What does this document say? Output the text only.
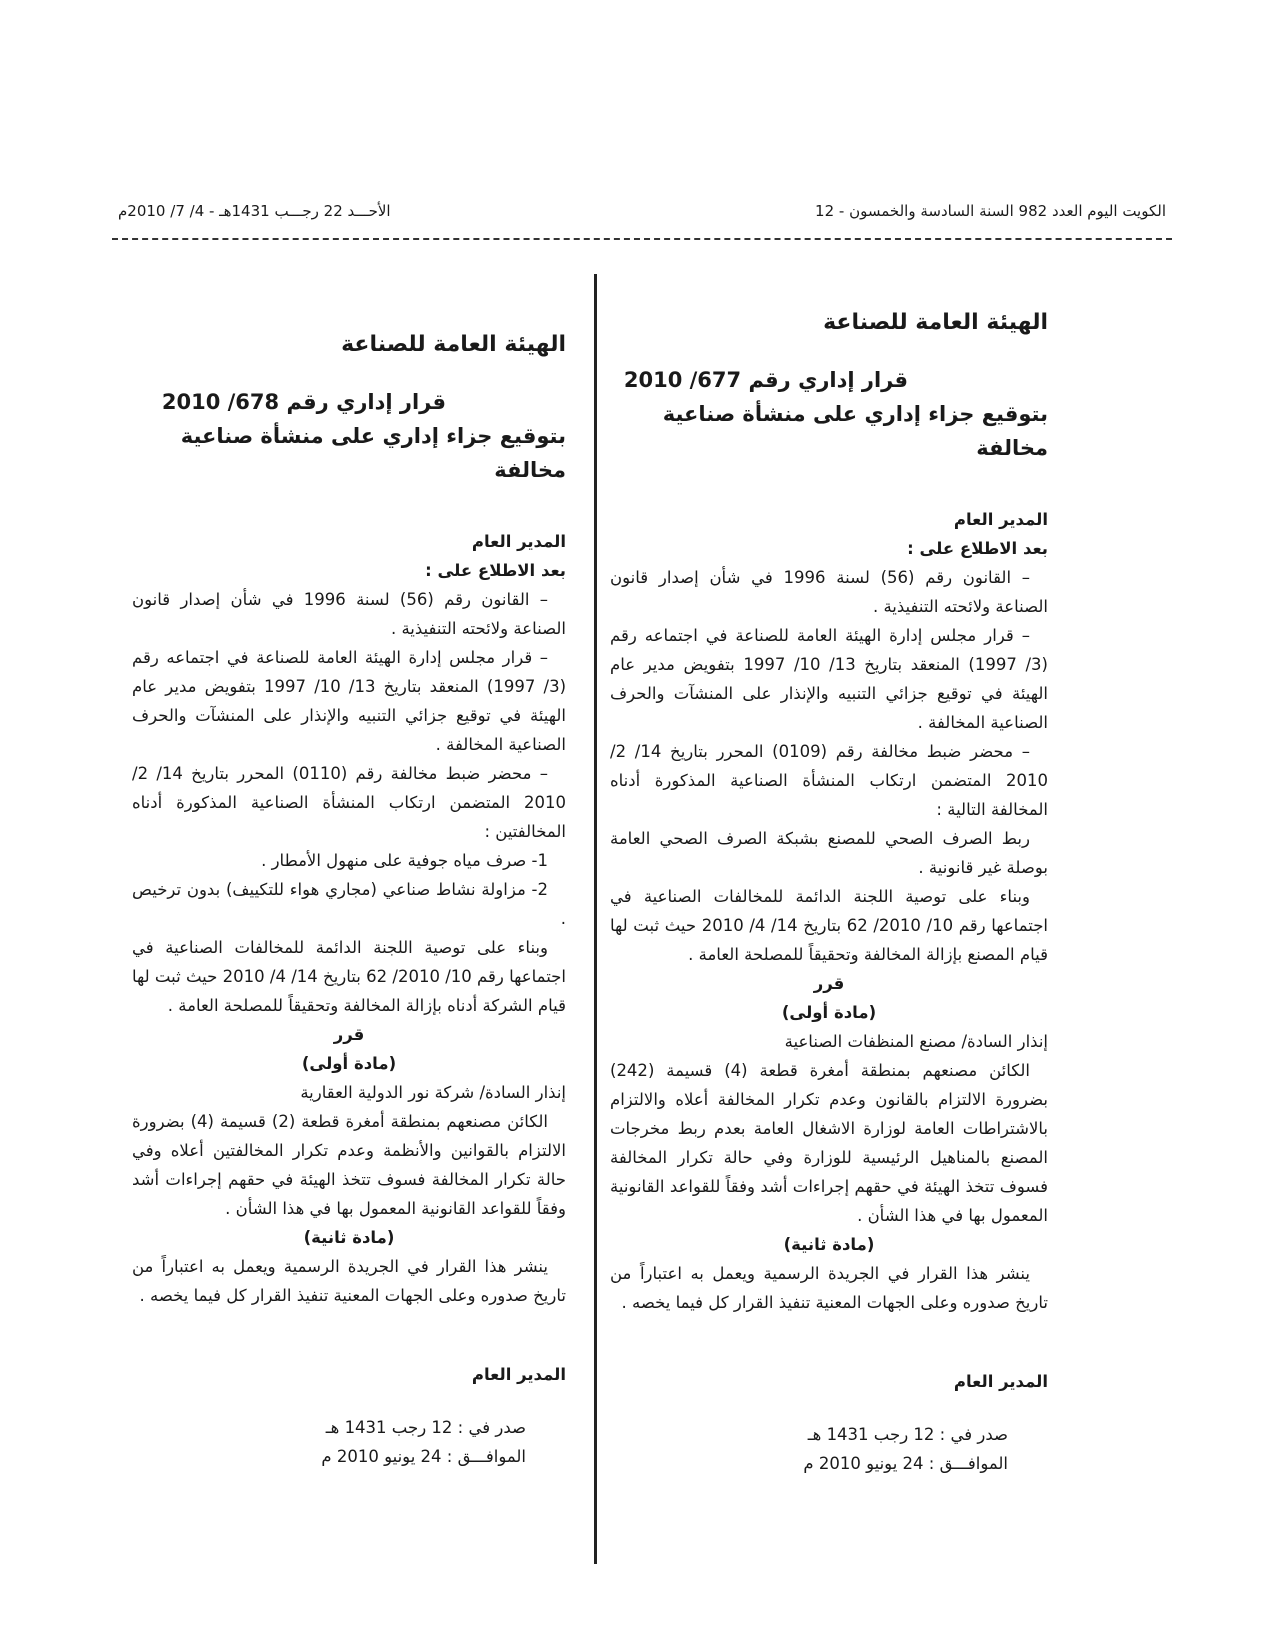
الكويت اليوم العدد 982 السنة السادسة والخمسون - 12
الأحـــد 22 رجـــب 1431هـ - 4/ 7/ 2010م

الهيئة العامة للصناعة

قرار إداري رقم 677/ 2010

بتوقيع جزاء إداري على منشأة صناعية مخالفة

المدير العام

بعد الاطلاع على :

– القانون رقم (56) لسنة 1996 في شأن إصدار قانون الصناعة ولائحته التنفيذية .

– قرار مجلس إدارة الهيئة العامة للصناعة في اجتماعه رقم (3/ 1997) المنعقد بتاريخ 13/ 10/ 1997 بتفويض مدير عام الهيئة في توقيع جزائي التنبيه والإنذار على المنشآت والحرف الصناعية المخالفة .

– محضر ضبط مخالفة رقم (0109) المحرر بتاريخ 14/ 2/ 2010 المتضمن ارتكاب المنشأة الصناعية المذكورة أدناه المخالفة التالية :

ربط الصرف الصحي للمصنع بشبكة الصرف الصحي العامة بوصلة غير قانونية .

وبناء على توصية اللجنة الدائمة للمخالفات الصناعية في اجتماعها رقم 10/ 2010/ 62 بتاريخ 14/ 4/ 2010 حيث ثبت لها قيام المصنع بإزالة المخالفة وتحقيقاً للمصلحة العامة .

قرر

(مادة أولى)

إنذار السادة/ مصنع المنظفات الصناعية

الكائن مصنعهم بمنطقة أمغرة قطعة (4) قسيمة (242) بضرورة الالتزام بالقانون وعدم تكرار المخالفة أعلاه والالتزام بالاشتراطات العامة لوزارة الاشغال العامة بعدم ربط مخرجات المصنع بالمناهيل الرئيسية للوزارة وفي حالة تكرار المخالفة فسوف تتخذ الهيئة في حقهم إجراءات أشد وفقاً للقواعد القانونية المعمول بها في هذا الشأن .

(مادة ثانية)

ينشر هذا القرار في الجريدة الرسمية ويعمل به اعتباراً من تاريخ صدوره وعلى الجهات المعنية تنفيذ القرار كل فيما يخصه .

المدير العام

صدر في : 12 رجب 1431 هـ
الموافـــق : 24 يونيو 2010 م

الهيئة العامة للصناعة

قرار إداري رقم 678/ 2010

بتوقيع جزاء إداري على منشأة صناعية مخالفة

المدير العام

بعد الاطلاع على :

– القانون رقم (56) لسنة 1996 في شأن إصدار قانون الصناعة ولائحته التنفيذية .

– قرار مجلس إدارة الهيئة العامة للصناعة في اجتماعه رقم (3/ 1997) المنعقد بتاريخ 13/ 10/ 1997 بتفويض مدير عام الهيئة في توقيع جزائي التنبيه والإنذار على المنشآت والحرف الصناعية المخالفة .

– محضر ضبط مخالفة رقم (0110) المحرر بتاريخ 14/ 2/ 2010 المتضمن ارتكاب المنشأة الصناعية المذكورة أدناه المخالفتين :

1- صرف مياه جوفية على منهول الأمطار .

2- مزاولة نشاط صناعي (مجاري هواء للتكييف) بدون ترخيص .

وبناء على توصية اللجنة الدائمة للمخالفات الصناعية في اجتماعها رقم 10/ 2010/ 62 بتاريخ 14/ 4/ 2010 حيث ثبت لها قيام الشركة أدناه بإزالة المخالفة وتحقيقاً للمصلحة العامة .

قرر

(مادة أولى)

إنذار السادة/ شركة نور الدولية العقارية

الكائن مصنعهم بمنطقة أمغرة قطعة (2) قسيمة (4) بضرورة الالتزام بالقوانين والأنظمة وعدم تكرار المخالفتين أعلاه وفي حالة تكرار المخالفة فسوف تتخذ الهيئة في حقهم إجراءات أشد وفقاً للقواعد القانونية المعمول بها في هذا الشأن .

(مادة ثانية)

ينشر هذا القرار في الجريدة الرسمية ويعمل به اعتباراً من تاريخ صدوره وعلى الجهات المعنية تنفيذ القرار كل فيما يخصه .

المدير العام

صدر في : 12 رجب 1431 هـ
الموافـــق : 24 يونيو 2010 م
